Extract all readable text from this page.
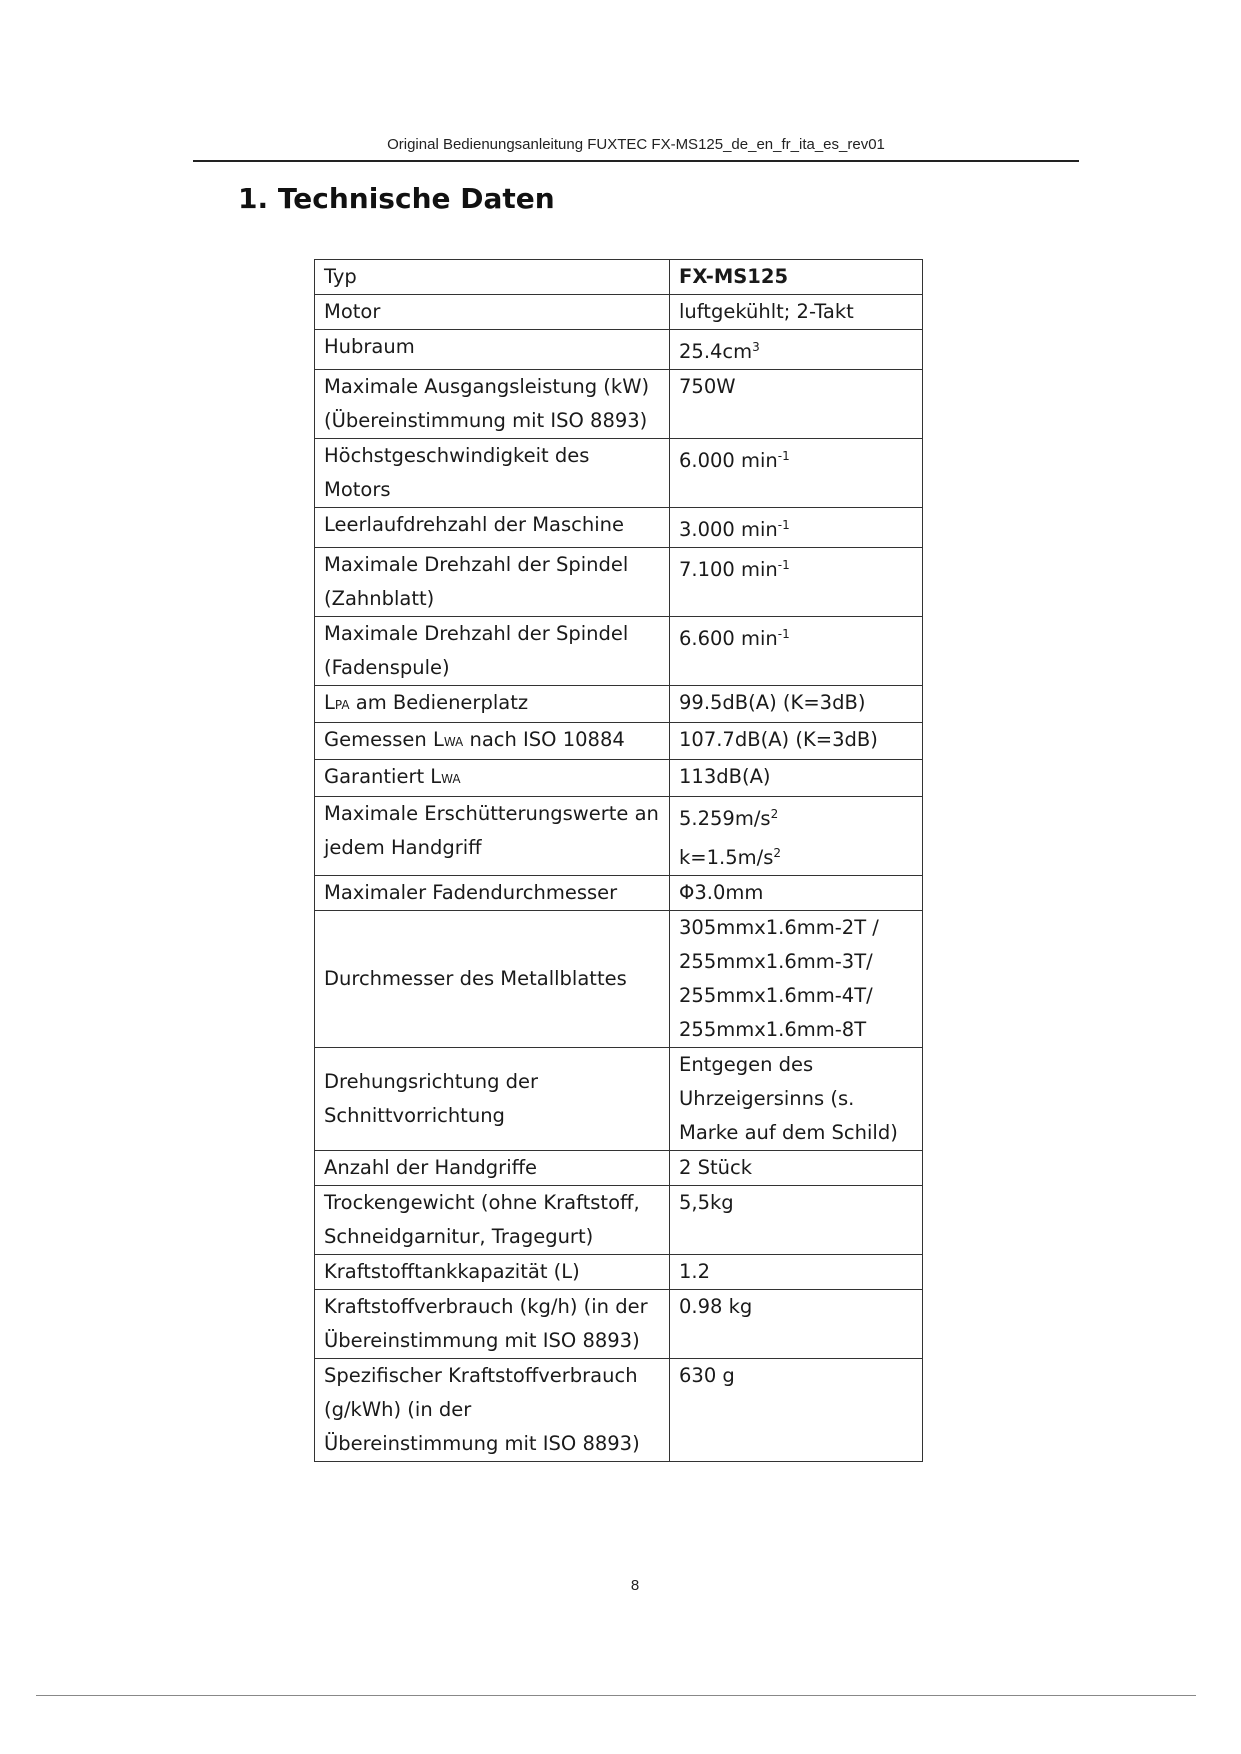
Original Bedienungsanleitung FUXTEC FX-MS125_de_en_fr_ita_es_rev01
1. Technische Daten
Typ	FX-MS125
Motor	luftgekühlt; 2-Takt
Hubraum	$25.4cm^3$
Maximale Ausgangsleistung (kW)
(Übereinstimmung mit ISO 8893)	750W
Höchstgeschwindigkeit des
Motors	6.000 $\min^{-1}$
Leerlaufdrehzahl der Maschine	3.000 $\min^{-1}$
Maximale Drehzahl der Spindel
(Zahnblatt)	7.100 $\min^{-1}$
Maximale Drehzahl der Spindel
(Fadenspule)	6.600 $\min^{-1}$
LPA am Bedienerplatz	99.5dB(A) (K=3dB)
Gemessen LWA nach ISO 10884	107.7dB(A) (K=3dB)
Garantiert LWA	113dB(A)
Maximale Erschütterungswerte an
jedem Handgriff	$5.259m/s^2$
$k=1.5m/s^2$
Maximaler Fadendurchmesser	Φ3.0mm
Durchmesser des Metallblattes	305mmx1.6mm-2T /
255mmx1.6mm-3T/
255mmx1.6mm-4T/
255mmx1.6mm-8T
Drehungsrichtung der
Schnittvorrichtung	Entgegen des
Uhrzeigersinns (s.
Marke auf dem Schild)
Anzahl der Handgriffe	2 Stück
Trockengewicht (ohne Kraftstoff,
Schneidgarnitur, Tragegurt)	5,5kg
Kraftstofftankkapazität (L)	1.2
Kraftstoffverbrauch (kg/h) (in der
Übereinstimmung mit ISO 8893)	0.98 kg
Spezifischer Kraftstoffverbrauch
(g/kWh) (in der
Übereinstimmung mit ISO 8893)	630 g
8
